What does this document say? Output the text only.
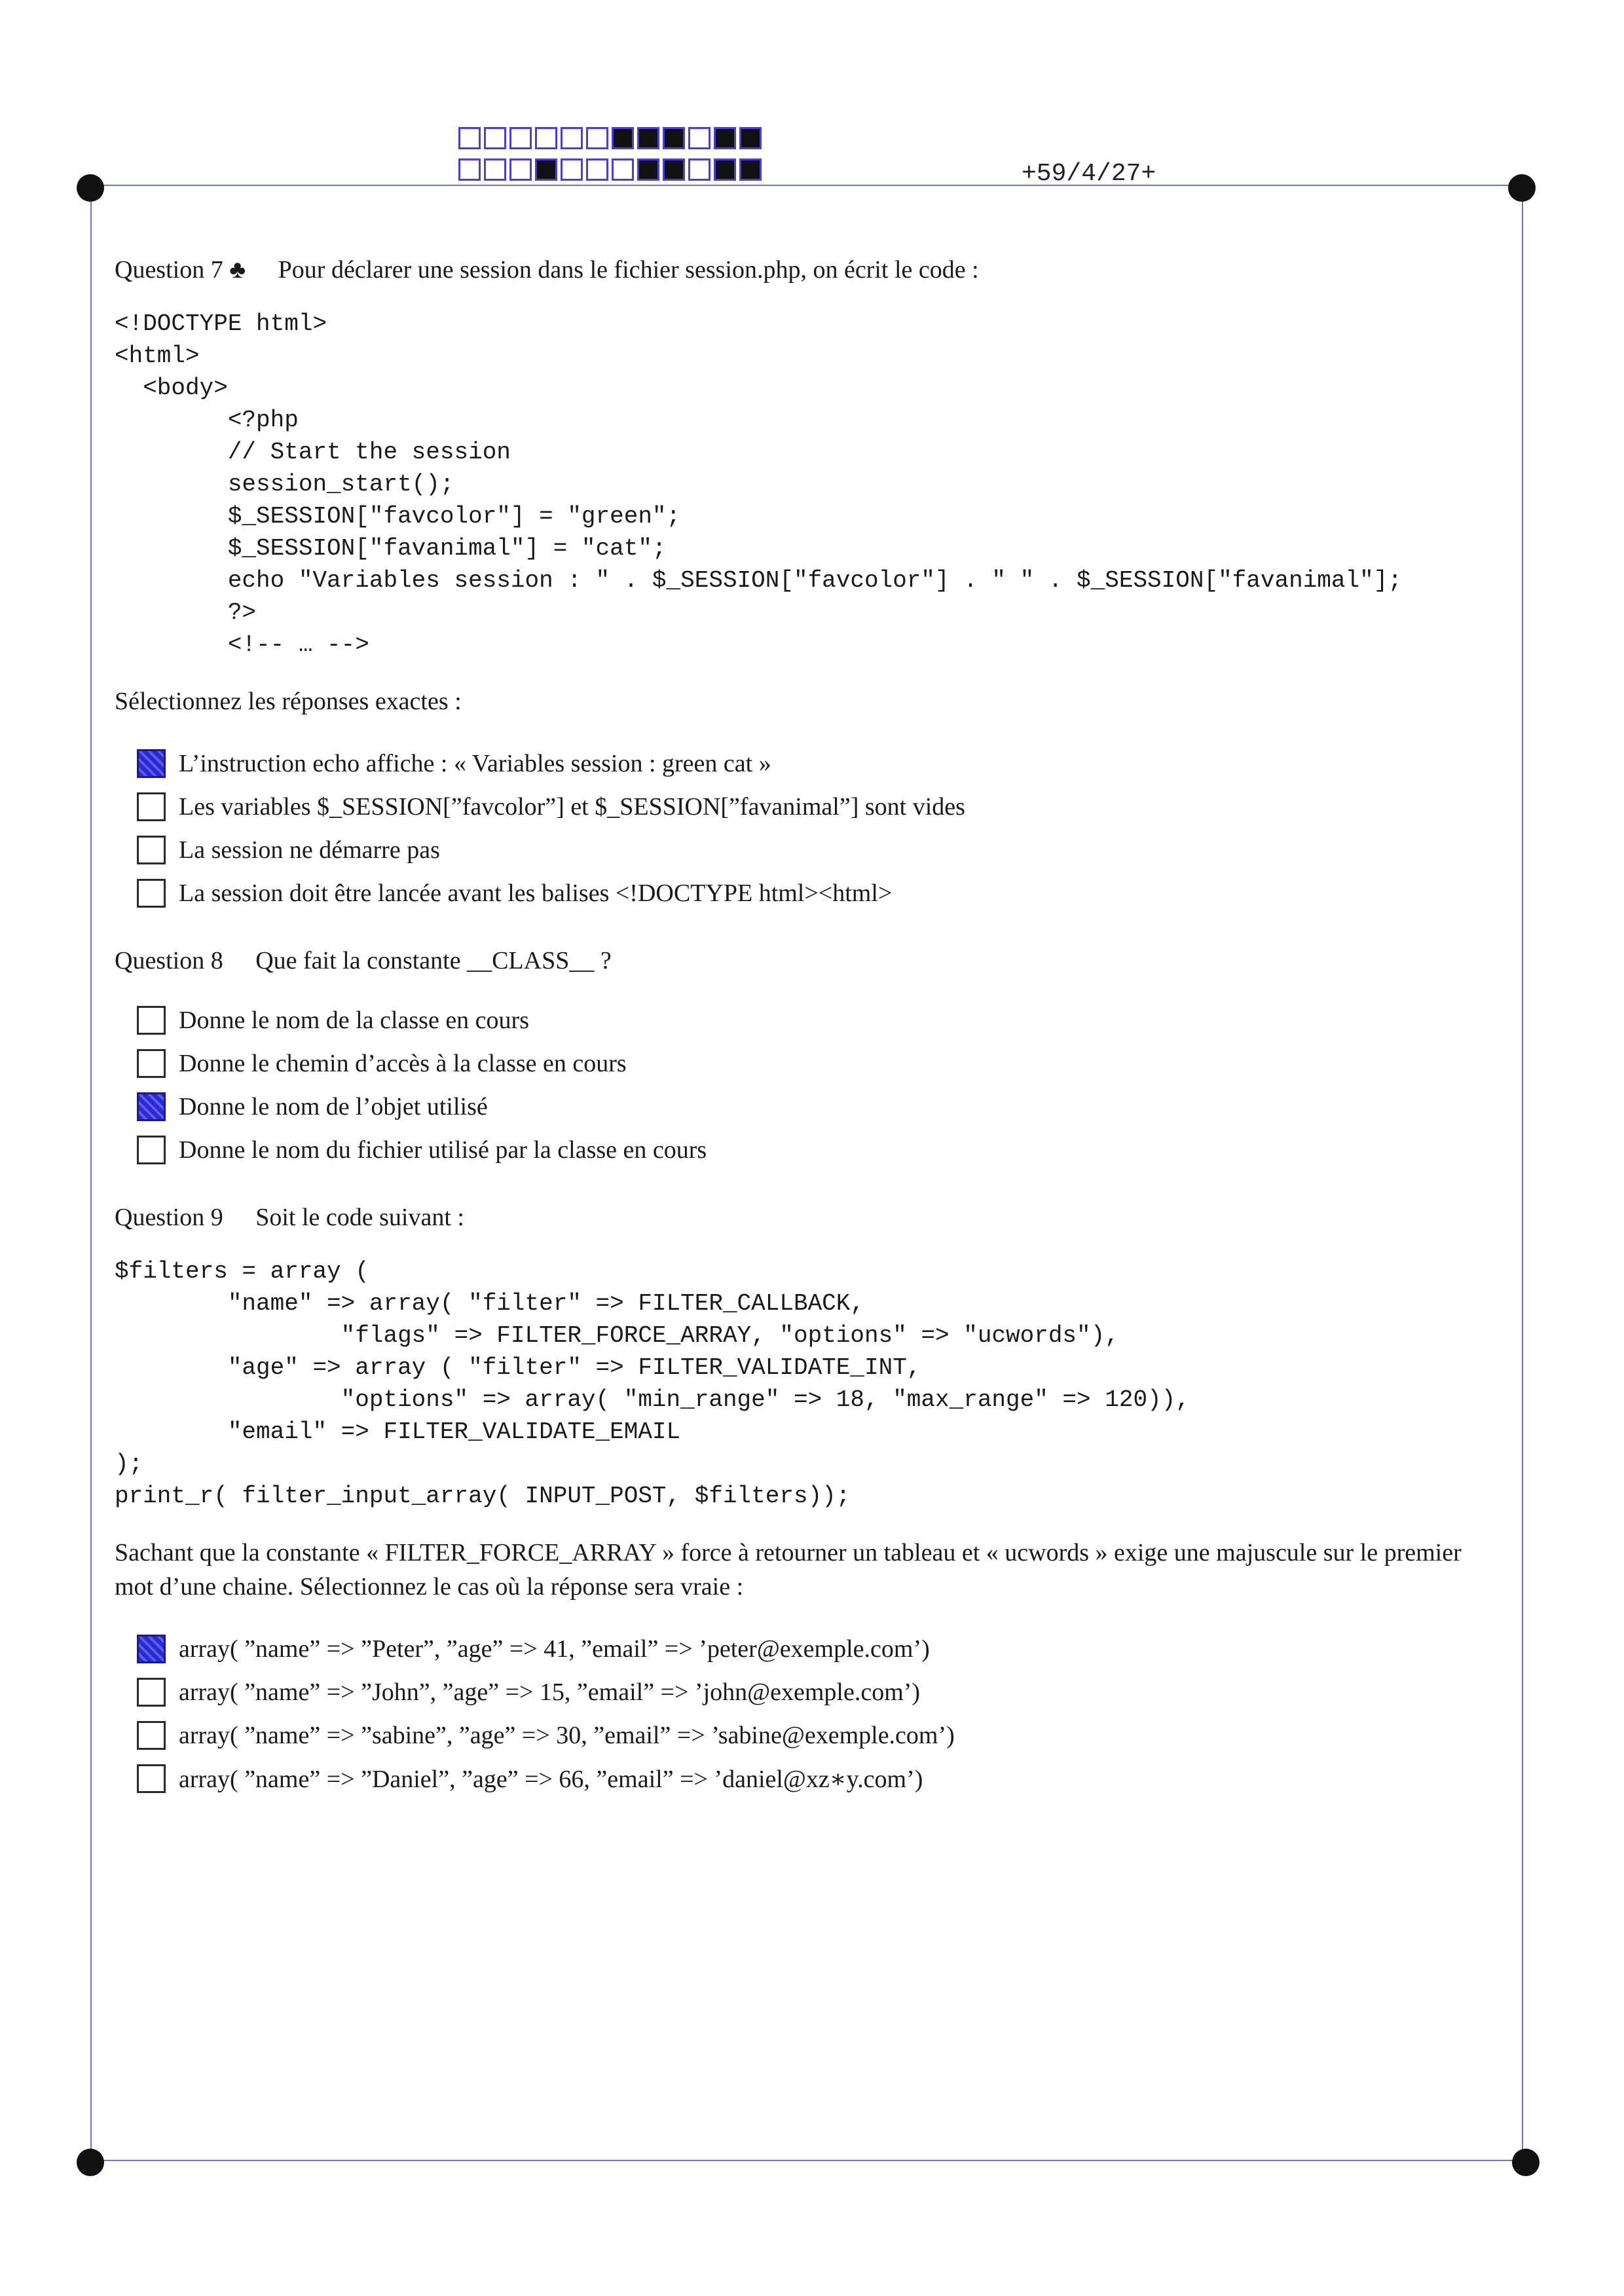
+59/4/27+
Question 7 ♣ Pour déclarer une session dans le fichier session.php, on écrit le code :
<!DOCTYPE html>
<html>
<body>
<?php
// Start the session
session_start();
$_SESSION["favcolor"] = "green";
$_SESSION["favanimal"] = "cat";
echo "Variables session : " . $_SESSION["favcolor"] . " " . $_SESSION["favanimal"];
?>
<!-- … -->
Sélectionnez les réponses exactes :
L’instruction echo affiche : « Variables session : green cat »
Les variables $_SESSION[”favcolor”] et $_SESSION[”favanimal”] sont vides
La session ne démarre pas
La session doit être lancée avant les balises <!DOCTYPE html><html>
Question 8 Que fait la constante __CLASS__ ?
Donne le nom de la classe en cours
Donne le chemin d’accès à la classe en cours
Donne le nom de l’objet utilisé
Donne le nom du fichier utilisé par la classe en cours
Question 9 Soit le code suivant :
$filters = array (
"name" => array( "filter" => FILTER_CALLBACK,
"flags" => FILTER_FORCE_ARRAY, "options" => "ucwords"),
"age" => array ( "filter" => FILTER_VALIDATE_INT,
"options" => array( "min_range" => 18, "max_range" => 120)),
"email" => FILTER_VALIDATE_EMAIL
);
print_r( filter_input_array( INPUT_POST, $filters));
Sachant que la constante « FILTER_FORCE_ARRAY » force à retourner un tableau et « ucwords » exige une majuscule sur le premier mot d’une chaine. Sélectionnez le cas où la réponse sera vraie :
array( ”name” => ”Peter”, ”age” => 41, ”email” => ’peter@exemple.com’)
array( ”name” => ”John”, ”age” => 15, ”email” => ’john@exemple.com’)
array( ”name” => ”sabine”, ”age” => 30, ”email” => ’sabine@exemple.com’)
array( ”name” => ”Daniel”, ”age” => 66, ”email” => ’daniel@xz∗y.com’)
